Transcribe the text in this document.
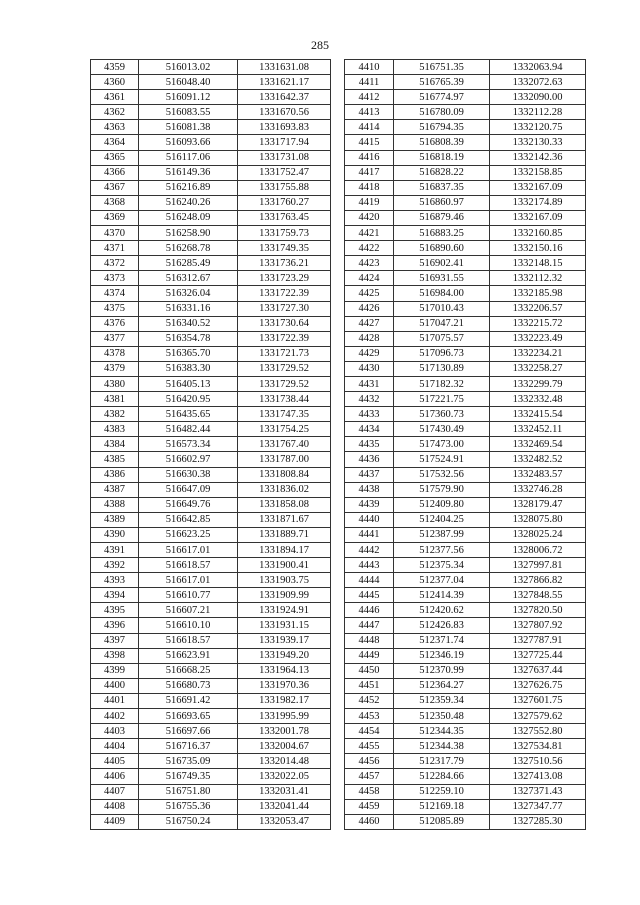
285
4359	516013.02	1331631.08
4360	516048.40	1331621.17
4361	516091.12	1331642.37
4362	516083.55	1331670.56
4363	516081.38	1331693.83
4364	516093.66	1331717.94
4365	516117.06	1331731.08
4366	516149.36	1331752.47
4367	516216.89	1331755.88
4368	516240.26	1331760.27
4369	516248.09	1331763.45
4370	516258.90	1331759.73
4371	516268.78	1331749.35
4372	516285.49	1331736.21
4373	516312.67	1331723.29
4374	516326.04	1331722.39
4375	516331.16	1331727.30
4376	516340.52	1331730.64
4377	516354.78	1331722.39
4378	516365.70	1331721.73
4379	516383.30	1331729.52
4380	516405.13	1331729.52
4381	516420.95	1331738.44
4382	516435.65	1331747.35
4383	516482.44	1331754.25
4384	516573.34	1331767.40
4385	516602.97	1331787.00
4386	516630.38	1331808.84
4387	516647.09	1331836.02
4388	516649.76	1331858.08
4389	516642.85	1331871.67
4390	516623.25	1331889.71
4391	516617.01	1331894.17
4392	516618.57	1331900.41
4393	516617.01	1331903.75
4394	516610.77	1331909.99
4395	516607.21	1331924.91
4396	516610.10	1331931.15
4397	516618.57	1331939.17
4398	516623.91	1331949.20
4399	516668.25	1331964.13
4400	516680.73	1331970.36
4401	516691.42	1331982.17
4402	516693.65	1331995.99
4403	516697.66	1332001.78
4404	516716.37	1332004.67
4405	516735.09	1332014.48
4406	516749.35	1332022.05
4407	516751.80	1332031.41
4408	516755.36	1332041.44
4409	516750.24	1332053.47
4410	516751.35	1332063.94
4411	516765.39	1332072.63
4412	516774.97	1332090.00
4413	516780.09	1332112.28
4414	516794.35	1332120.75
4415	516808.39	1332130.33
4416	516818.19	1332142.36
4417	516828.22	1332158.85
4418	516837.35	1332167.09
4419	516860.97	1332174.89
4420	516879.46	1332167.09
4421	516883.25	1332160.85
4422	516890.60	1332150.16
4423	516902.41	1332148.15
4424	516931.55	1332112.32
4425	516984.00	1332185.98
4426	517010.43	1332206.57
4427	517047.21	1332215.72
4428	517075.57	1332223.49
4429	517096.73	1332234.21
4430	517130.89	1332258.27
4431	517182.32	1332299.79
4432	517221.75	1332332.48
4433	517360.73	1332415.54
4434	517430.49	1332452.11
4435	517473.00	1332469.54
4436	517524.91	1332482.52
4437	517532.56	1332483.57
4438	517579.90	1332746.28
4439	512409.80	1328179.47
4440	512404.25	1328075.80
4441	512387.99	1328025.24
4442	512377.56	1328006.72
4443	512375.34	1327997.81
4444	512377.04	1327866.82
4445	512414.39	1327848.55
4446	512420.62	1327820.50
4447	512426.83	1327807.92
4448	512371.74	1327787.91
4449	512346.19	1327725.44
4450	512370.99	1327637.44
4451	512364.27	1327626.75
4452	512359.34	1327601.75
4453	512350.48	1327579.62
4454	512344.35	1327552.80
4455	512344.38	1327534.81
4456	512317.79	1327510.56
4457	512284.66	1327413.08
4458	512259.10	1327371.43
4459	512169.18	1327347.77
4460	512085.89	1327285.30
